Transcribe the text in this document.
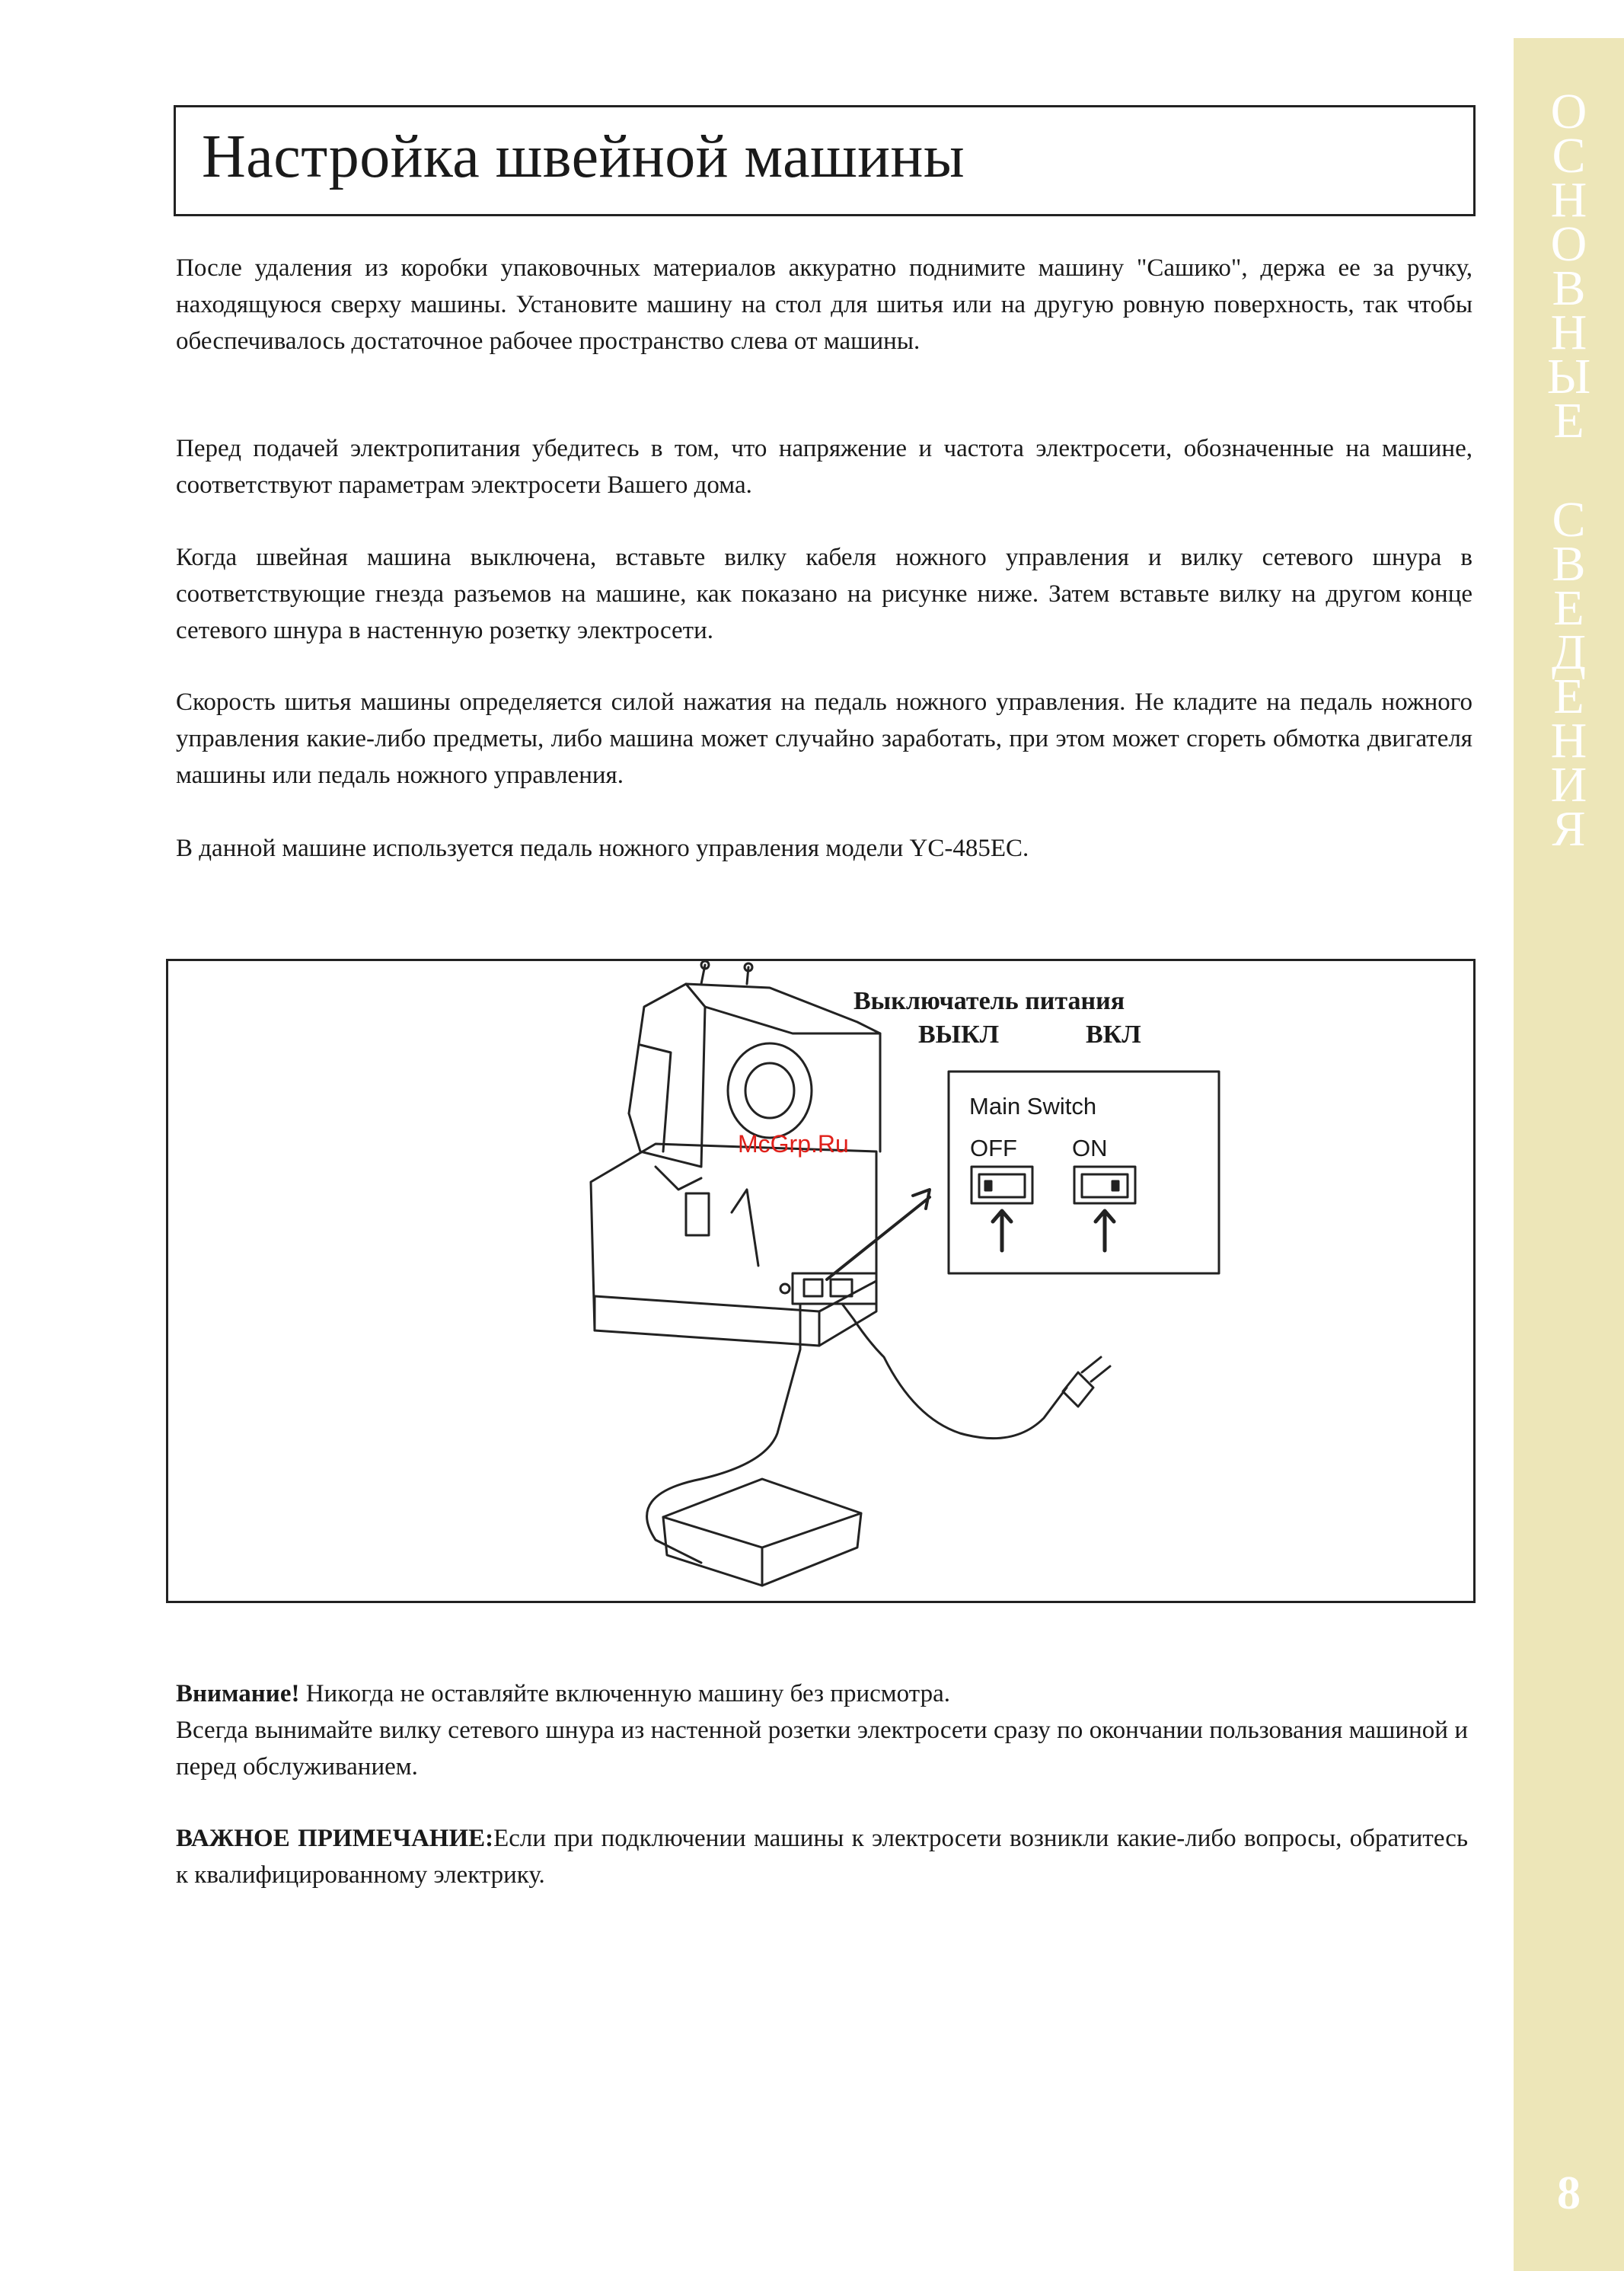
О
С
Н
О
В
Н
Ы
Е
С
В
Е
Д
Е
Н
И
Я
8
Настройка швейной машины

После удаления из коробки упаковочных материалов аккуратно поднимите машину "Сашико", держа ее за ручку, находящуюся сверху машины. Установите машину на стол для шитья или на другую ровную поверхность, так чтобы обеспечивалось достаточное рабочее пространство слева от машины.

Перед подачей электропитания убедитесь в том, что напряжение и частота электросети, обозначенные на машине, соответствуют параметрам электросети Вашего дома.

Когда швейная машина выключена, вставьте вилку кабеля ножного управления и вилку сетевого шнура в соответствующие гнезда разъемов на машине, как показано на рисунке ниже. Затем вставьте вилку на другом конце сетевого шнура в настенную розетку электросети.

Скорость шитья машины определяется силой нажатия на педаль ножного управления. Не кладите на педаль ножного управления какие-либо предметы, либо машина может случайно заработать, при этом может сгореть обмотка двигателя машины или педаль ножного управления.

В данной машине используется педаль ножного управления модели YC-485EC.

Выключатель питания
ВЫКЛ	ВКЛ
Main Switch
OFF ON
McGrp.Ru

Внимание! Никогда не оставляйте включенную машину без присмотра.
Всегда вынимайте вилку сетевого шнура из настенной розетки электросети сразу по окончании пользования машиной и перед обслуживанием.

ВАЖНОЕ ПРИМЕЧАНИЕ:Если при подключении машины к электросети возникли какие-либо вопросы, обратитесь к квалифицированному электрику.
